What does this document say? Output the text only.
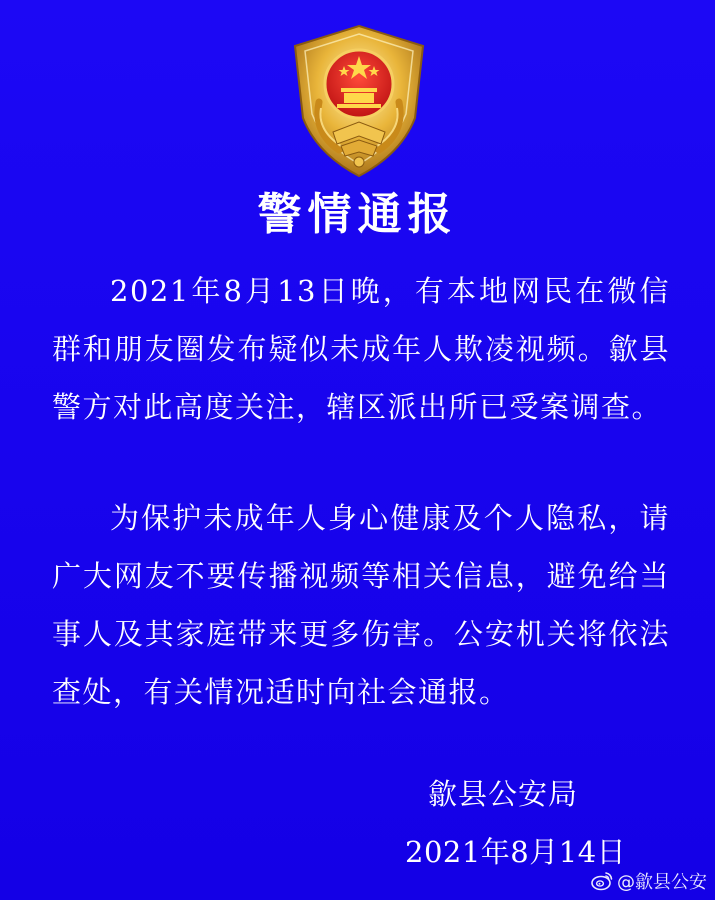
警情通报

2021年8月13日晚，有本地网民在微信群和朋友圈发布疑似未成年人欺凌视频。歙县警方对此高度关注，辖区派出所已受案调查。

为保护未成年人身心健康及个人隐私，请广大网友不要传播视频等相关信息，避免给当事人及其家庭带来更多伤害。公安机关将依法查处，有关情况适时向社会通报。

歙县公安局
2021年8月14日
@歙县公安
